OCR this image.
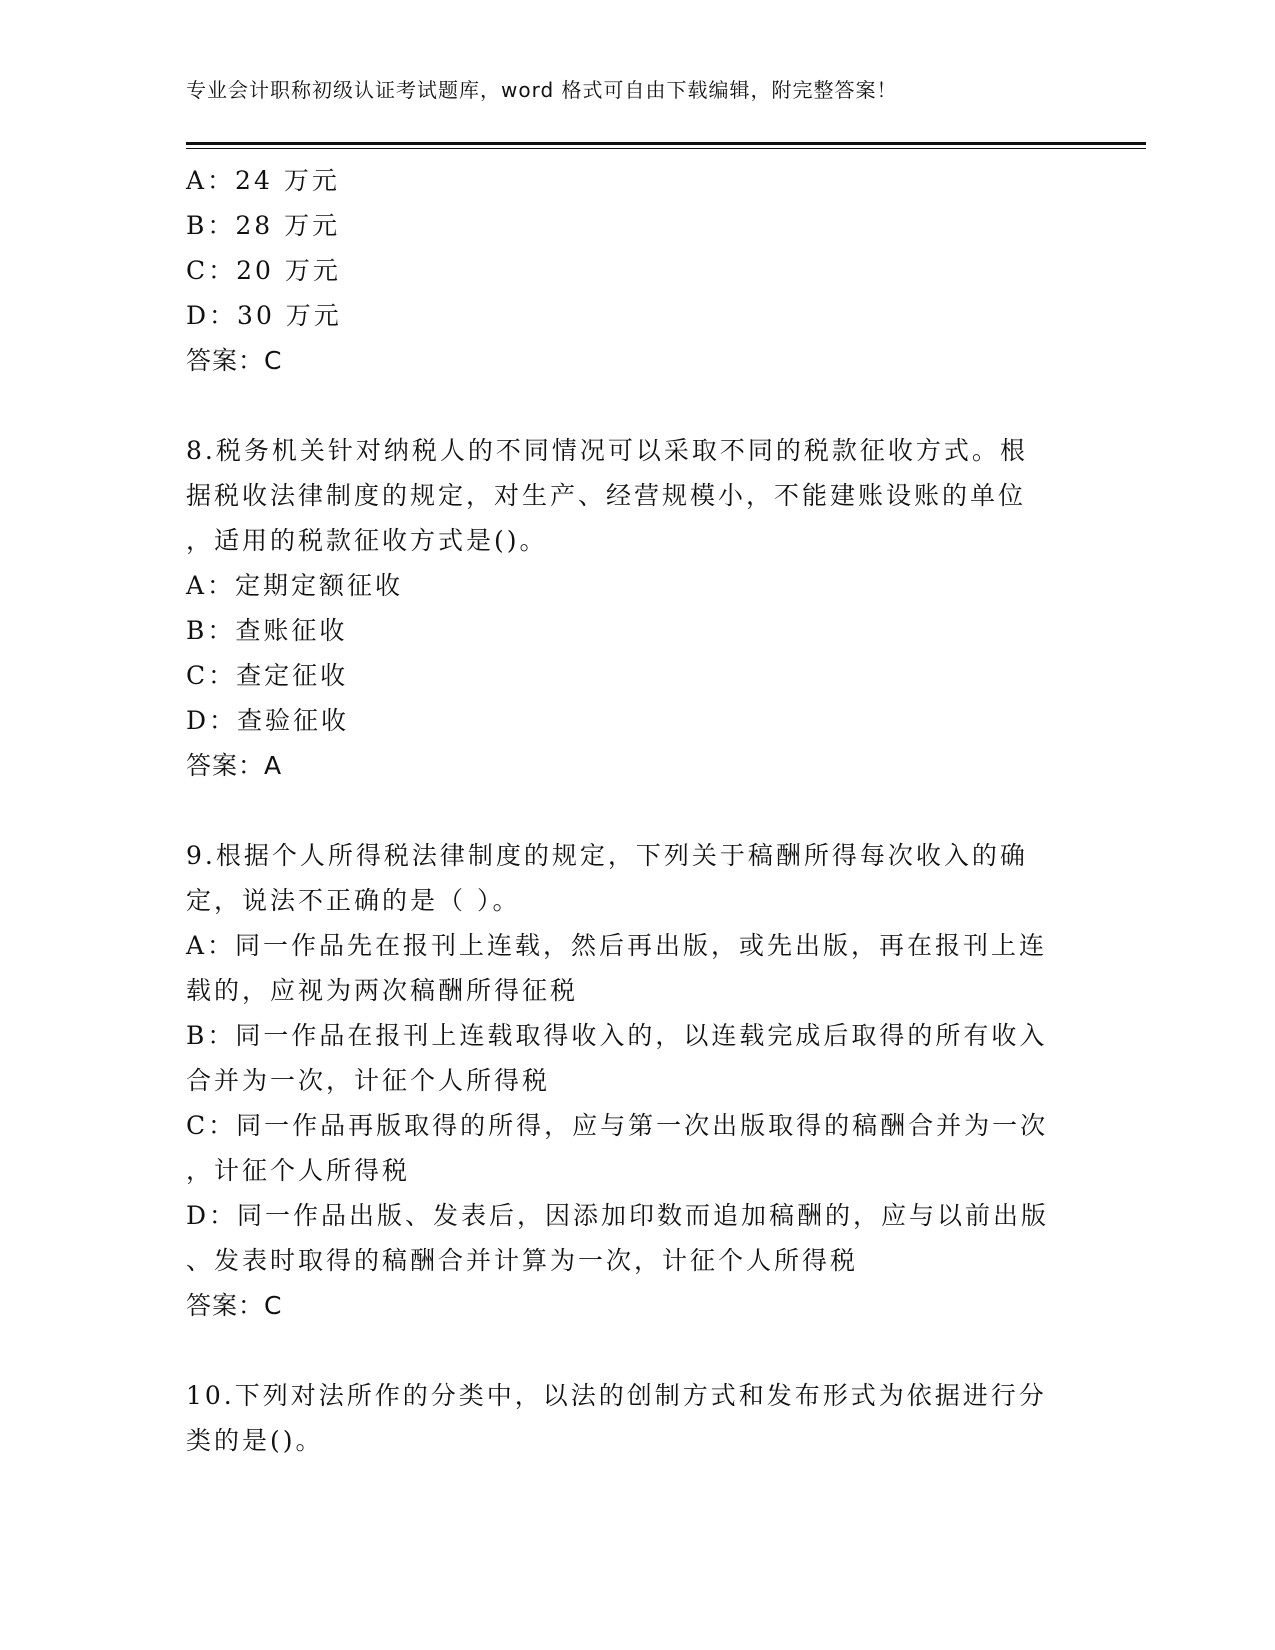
专业会计职称初级认证考试题库，word 格式可自由下载编辑，附完整答案！
A：24 万元
B：28 万元
C：20 万元
D：30 万元
答案：C
8.税务机关针对纳税人的不同情况可以采取不同的税款征收方式。根
据税收法律制度的规定，对生产、经营规模小，不能建账设账的单位
，适用的税款征收方式是()。
A：定期定额征收
B：查账征收
C：查定征收
D：查验征收
答案：A
9.根据个人所得税法律制度的规定，下列关于稿酬所得每次收入的确
定，说法不正确的是（ ）。
A：同一作品先在报刊上连载，然后再出版，或先出版，再在报刊上连
载的，应视为两次稿酬所得征税
B：同一作品在报刊上连载取得收入的，以连载完成后取得的所有收入
合并为一次，计征个人所得税
C：同一作品再版取得的所得，应与第一次出版取得的稿酬合并为一次
，计征个人所得税
D：同一作品出版、发表后，因添加印数而追加稿酬的，应与以前出版
、发表时取得的稿酬合并计算为一次，计征个人所得税
答案：C
10.下列对法所作的分类中，以法的创制方式和发布形式为依据进行分
类的是()。
